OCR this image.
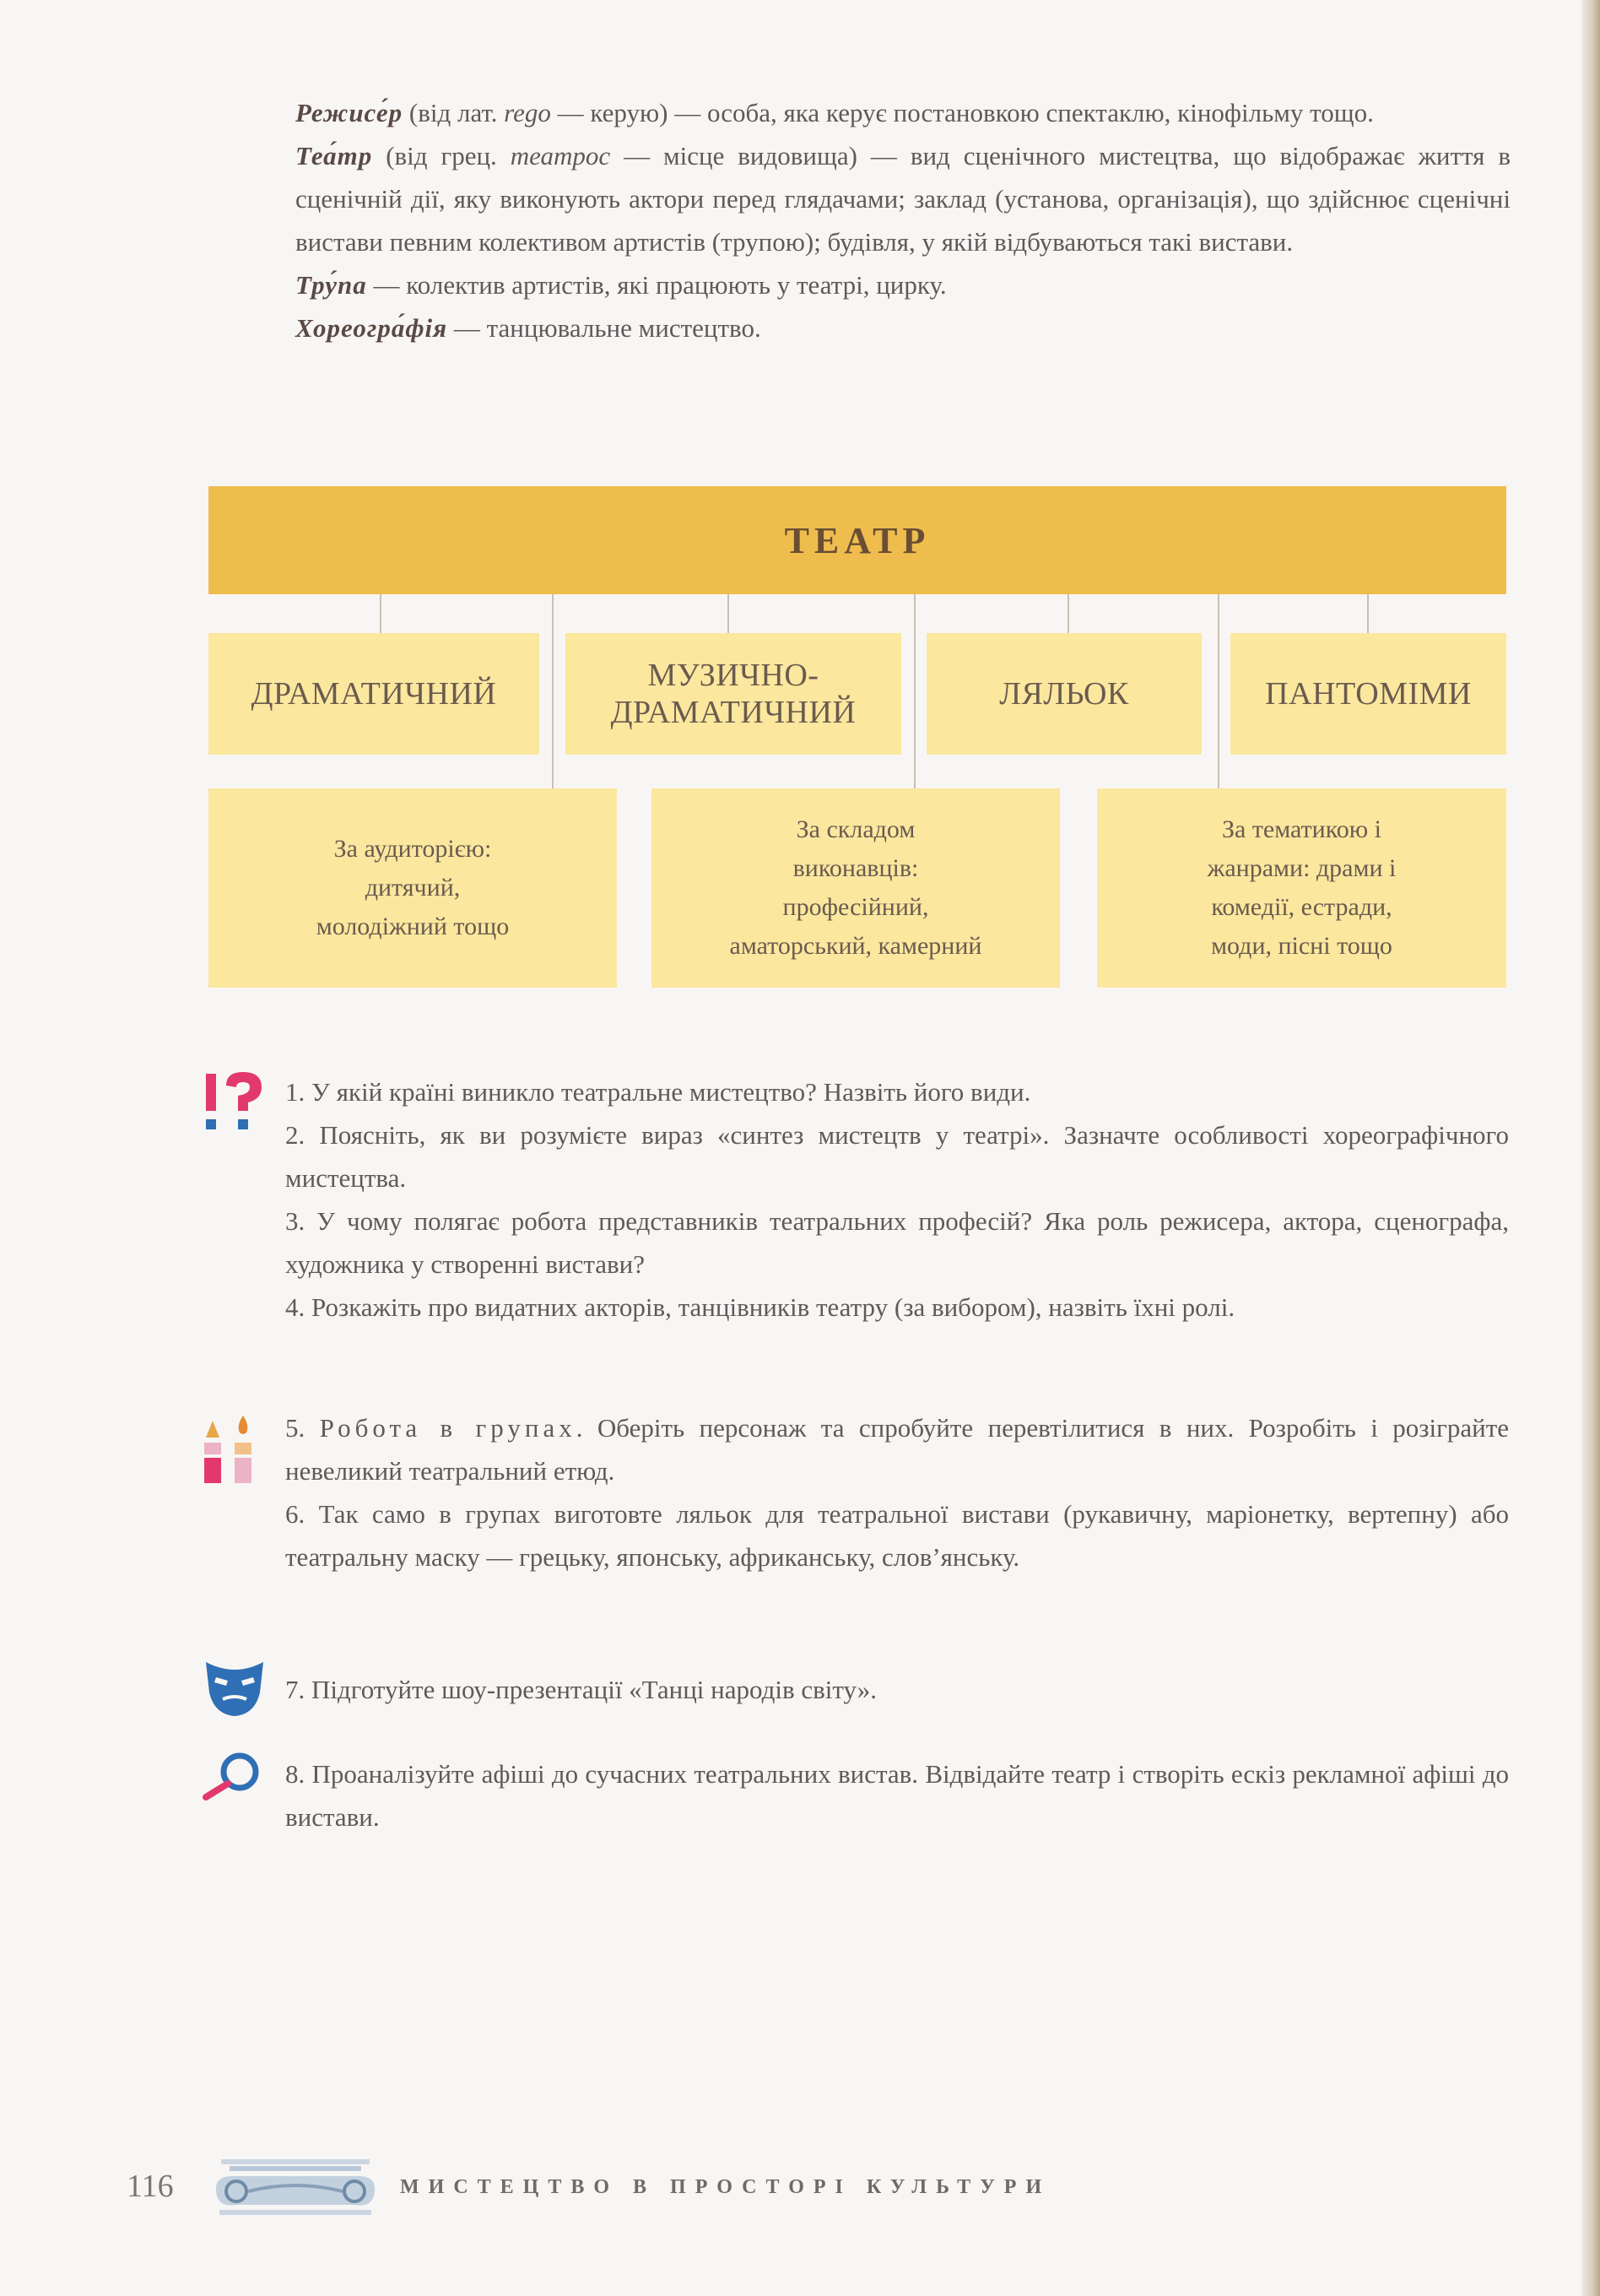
Режисе́р (від лат. rego — керую) — особа, яка керує постановкою спектаклю, кінофільму тощо.

Теа́тр (від грец. театрос — місце видовища) — вид сценічного мистецтва, що відображає життя в сценічній дії, яку виконують актори перед глядачами; заклад (установа, організація), що здійснює сценічні вистави певним колективом артистів (трупою); будівля, у якій відбуваються такі вистави.

Тру́па — колектив артистів, які працюють у театрі, цирку.

Хореогра́фія — танцювальне мистецтво.

ТЕАТР
ДРАМАТИЧНИЙ
МУЗИЧНО-
ДРАМАТИЧНИЙ
ЛЯЛЬОК	ПАНТОМІМИ
За аудиторією:
дитячий,
молодіжний тощо
За складом
виконавців:
професійний,
аматорський, камерний
За тематикою і
жанрами: драми і
комедії, естради,
моди, пісні тощо

1. У якій країні виникло театральне мистецтво? Назвіть його види.

2. Поясніть, як ви розумієте вираз «синтез мистецтв у театрі». Зазначте особливості хореографічного мистецтва.

3. У чому полягає робота представників театральних професій? Яка роль режисера, актора, сценографа, художника у створенні вистави?

4. Розкажіть про видатних акторів, танцівників театру (за вибором), назвіть їхні ролі.

5. Робота в групах. Оберіть персонаж та спробуйте перевтілитися в них. Розробіть і розіграйте невеликий театральний етюд.

6. Так само в групах виготовте ляльок для театральної вистави (рукавичну, маріонетку, вертепну) або театральну маску — грецьку, японську, африканську, слов’янську.

7. Підготуйте шоу-презентації «Танці народів світу».

8. Проаналізуйте афіші до сучасних театральних вистав. Відвідайте театр і створіть ескіз рекламної афіші до вистави.

116	МИСТЕЦТВО В ПРОСТОРІ КУЛЬТУРИ
